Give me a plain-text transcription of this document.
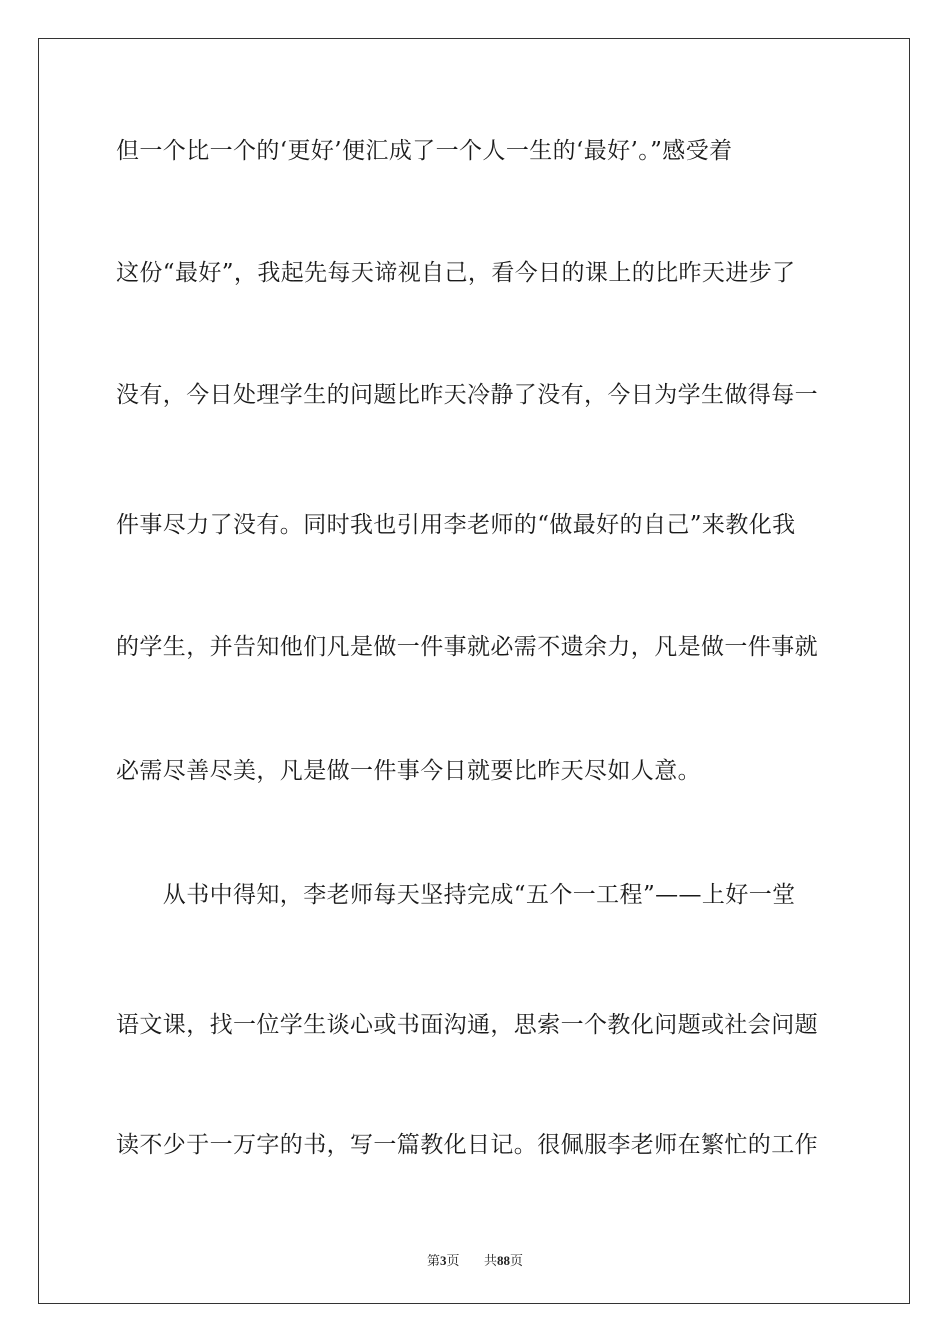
但一个比一个的‘更好’便汇成了一个人一生的‘最好’。”感受着

这份“最好”，我起先每天谛视自己，看今日的课上的比昨天进步了

没有，今日处理学生的问题比昨天冷静了没有，今日为学生做得每一

件事尽力了没有。同时我也引用李老师的“做最好的自己”来教化我

的学生，并告知他们凡是做一件事就必需不遗余力，凡是做一件事就

必需尽善尽美，凡是做一件事今日就要比昨天尽如人意。

　　从书中得知，李老师每天坚持完成“五个一工程”——上好一堂

语文课，找一位学生谈心或书面沟通，思索一个教化问题或社会问题

读不少于一万字的书，写一篇教化日记。很佩服李老师在繁忙的工作

第3页 共88页
